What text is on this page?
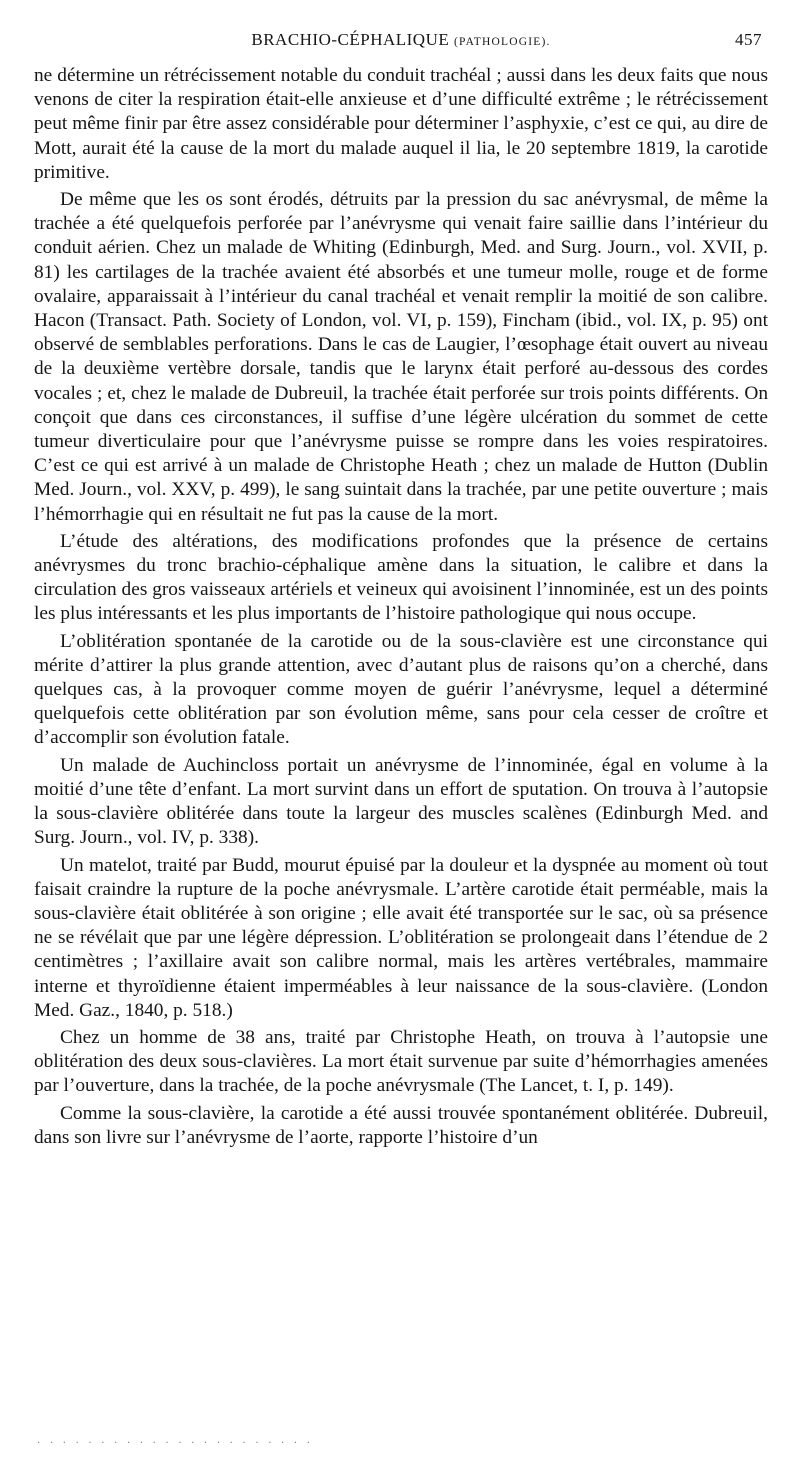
BRACHIO-CÉPHALIQUE (PATHOLOGIE).	457

ne détermine un rétrécissement notable du conduit trachéal ; aussi dans les deux faits que nous venons de citer la respiration était-elle anxieuse et d’une difficulté extrême ; le rétrécissement peut même finir par être assez considérable pour déterminer l’asphyxie, c’est ce qui, au dire de Mott, aurait été la cause de la mort du malade auquel il lia, le 20 septembre 1819, la carotide primitive.

De même que les os sont érodés, détruits par la pression du sac anévrysmal, de même la trachée a été quelquefois perforée par l’anévrysme qui venait faire saillie dans l’intérieur du conduit aérien. Chez un malade de Whiting (Edinburgh, Med. and Surg. Journ., vol. XVII, p. 81) les cartilages de la trachée avaient été absorbés et une tumeur molle, rouge et de forme ovalaire, apparaissait à l’intérieur du canal trachéal et venait remplir la moitié de son calibre. Hacon (Transact. Path. Society of London, vol. VI, p. 159), Fincham (ibid., vol. IX, p. 95) ont observé de semblables perforations. Dans le cas de Laugier, l’œsophage était ouvert au niveau de la deuxième vertèbre dorsale, tandis que le larynx était perforé au-dessous des cordes vocales ; et, chez le malade de Dubreuil, la trachée était perforée sur trois points différents. On conçoit que dans ces circonstances, il suffise d’une légère ulcération du sommet de cette tumeur diverticulaire pour que l’anévrysme puisse se rompre dans les voies respiratoires. C’est ce qui est arrivé à un malade de Christophe Heath ; chez un malade de Hutton (Dublin Med. Journ., vol. XXV, p. 499), le sang suintait dans la trachée, par une petite ouverture ; mais l’hémorrhagie qui en résultait ne fut pas la cause de la mort.

L’étude des altérations, des modifications profondes que la présence de certains anévrysmes du tronc brachio-céphalique amène dans la situation, le calibre et dans la circulation des gros vaisseaux artériels et veineux qui avoisinent l’innominée, est un des points les plus intéressants et les plus importants de l’histoire pathologique qui nous occupe.

L’oblitération spontanée de la carotide ou de la sous-clavière est une circonstance qui mérite d’attirer la plus grande attention, avec d’autant plus de raisons qu’on a cherché, dans quelques cas, à la provoquer comme moyen de guérir l’anévrysme, lequel a déterminé quelquefois cette oblitération par son évolution même, sans pour cela cesser de croître et d’accomplir son évolution fatale.

Un malade de Auchincloss portait un anévrysme de l’innominée, égal en volume à la moitié d’une tête d’enfant. La mort survint dans un effort de sputation. On trouva à l’autopsie la sous-clavière oblitérée dans toute la largeur des muscles scalènes (Edinburgh Med. and Surg. Journ., vol. IV, p. 338).

Un matelot, traité par Budd, mourut épuisé par la douleur et la dyspnée au moment où tout faisait craindre la rupture de la poche anévrysmale. L’artère carotide était perméable, mais la sous-clavière était oblitérée à son origine ; elle avait été transportée sur le sac, où sa présence ne se révélait que par une légère dépression. L’oblitération se prolongeait dans l’étendue de 2 centimètres ; l’axillaire avait son calibre normal, mais les artères vertébrales, mammaire interne et thyroïdienne étaient imperméables à leur naissance de la sous-clavière. (London Med. Gaz., 1840, p. 518.)

Chez un homme de 38 ans, traité par Christophe Heath, on trouva à l’autopsie une oblitération des deux sous-clavières. La mort était survenue par suite d’hémorrhagies amenées par l’ouverture, dans la trachée, de la poche anévrysmale (The Lancet, t. I, p. 149).

Comme la sous-clavière, la carotide a été aussi trouvée spontanément oblitérée. Dubreuil, dans son livre sur l’anévrysme de l’aorte, rapporte l’histoire d’un

. . . . . . . . . . . . . . . . . . . . . .
